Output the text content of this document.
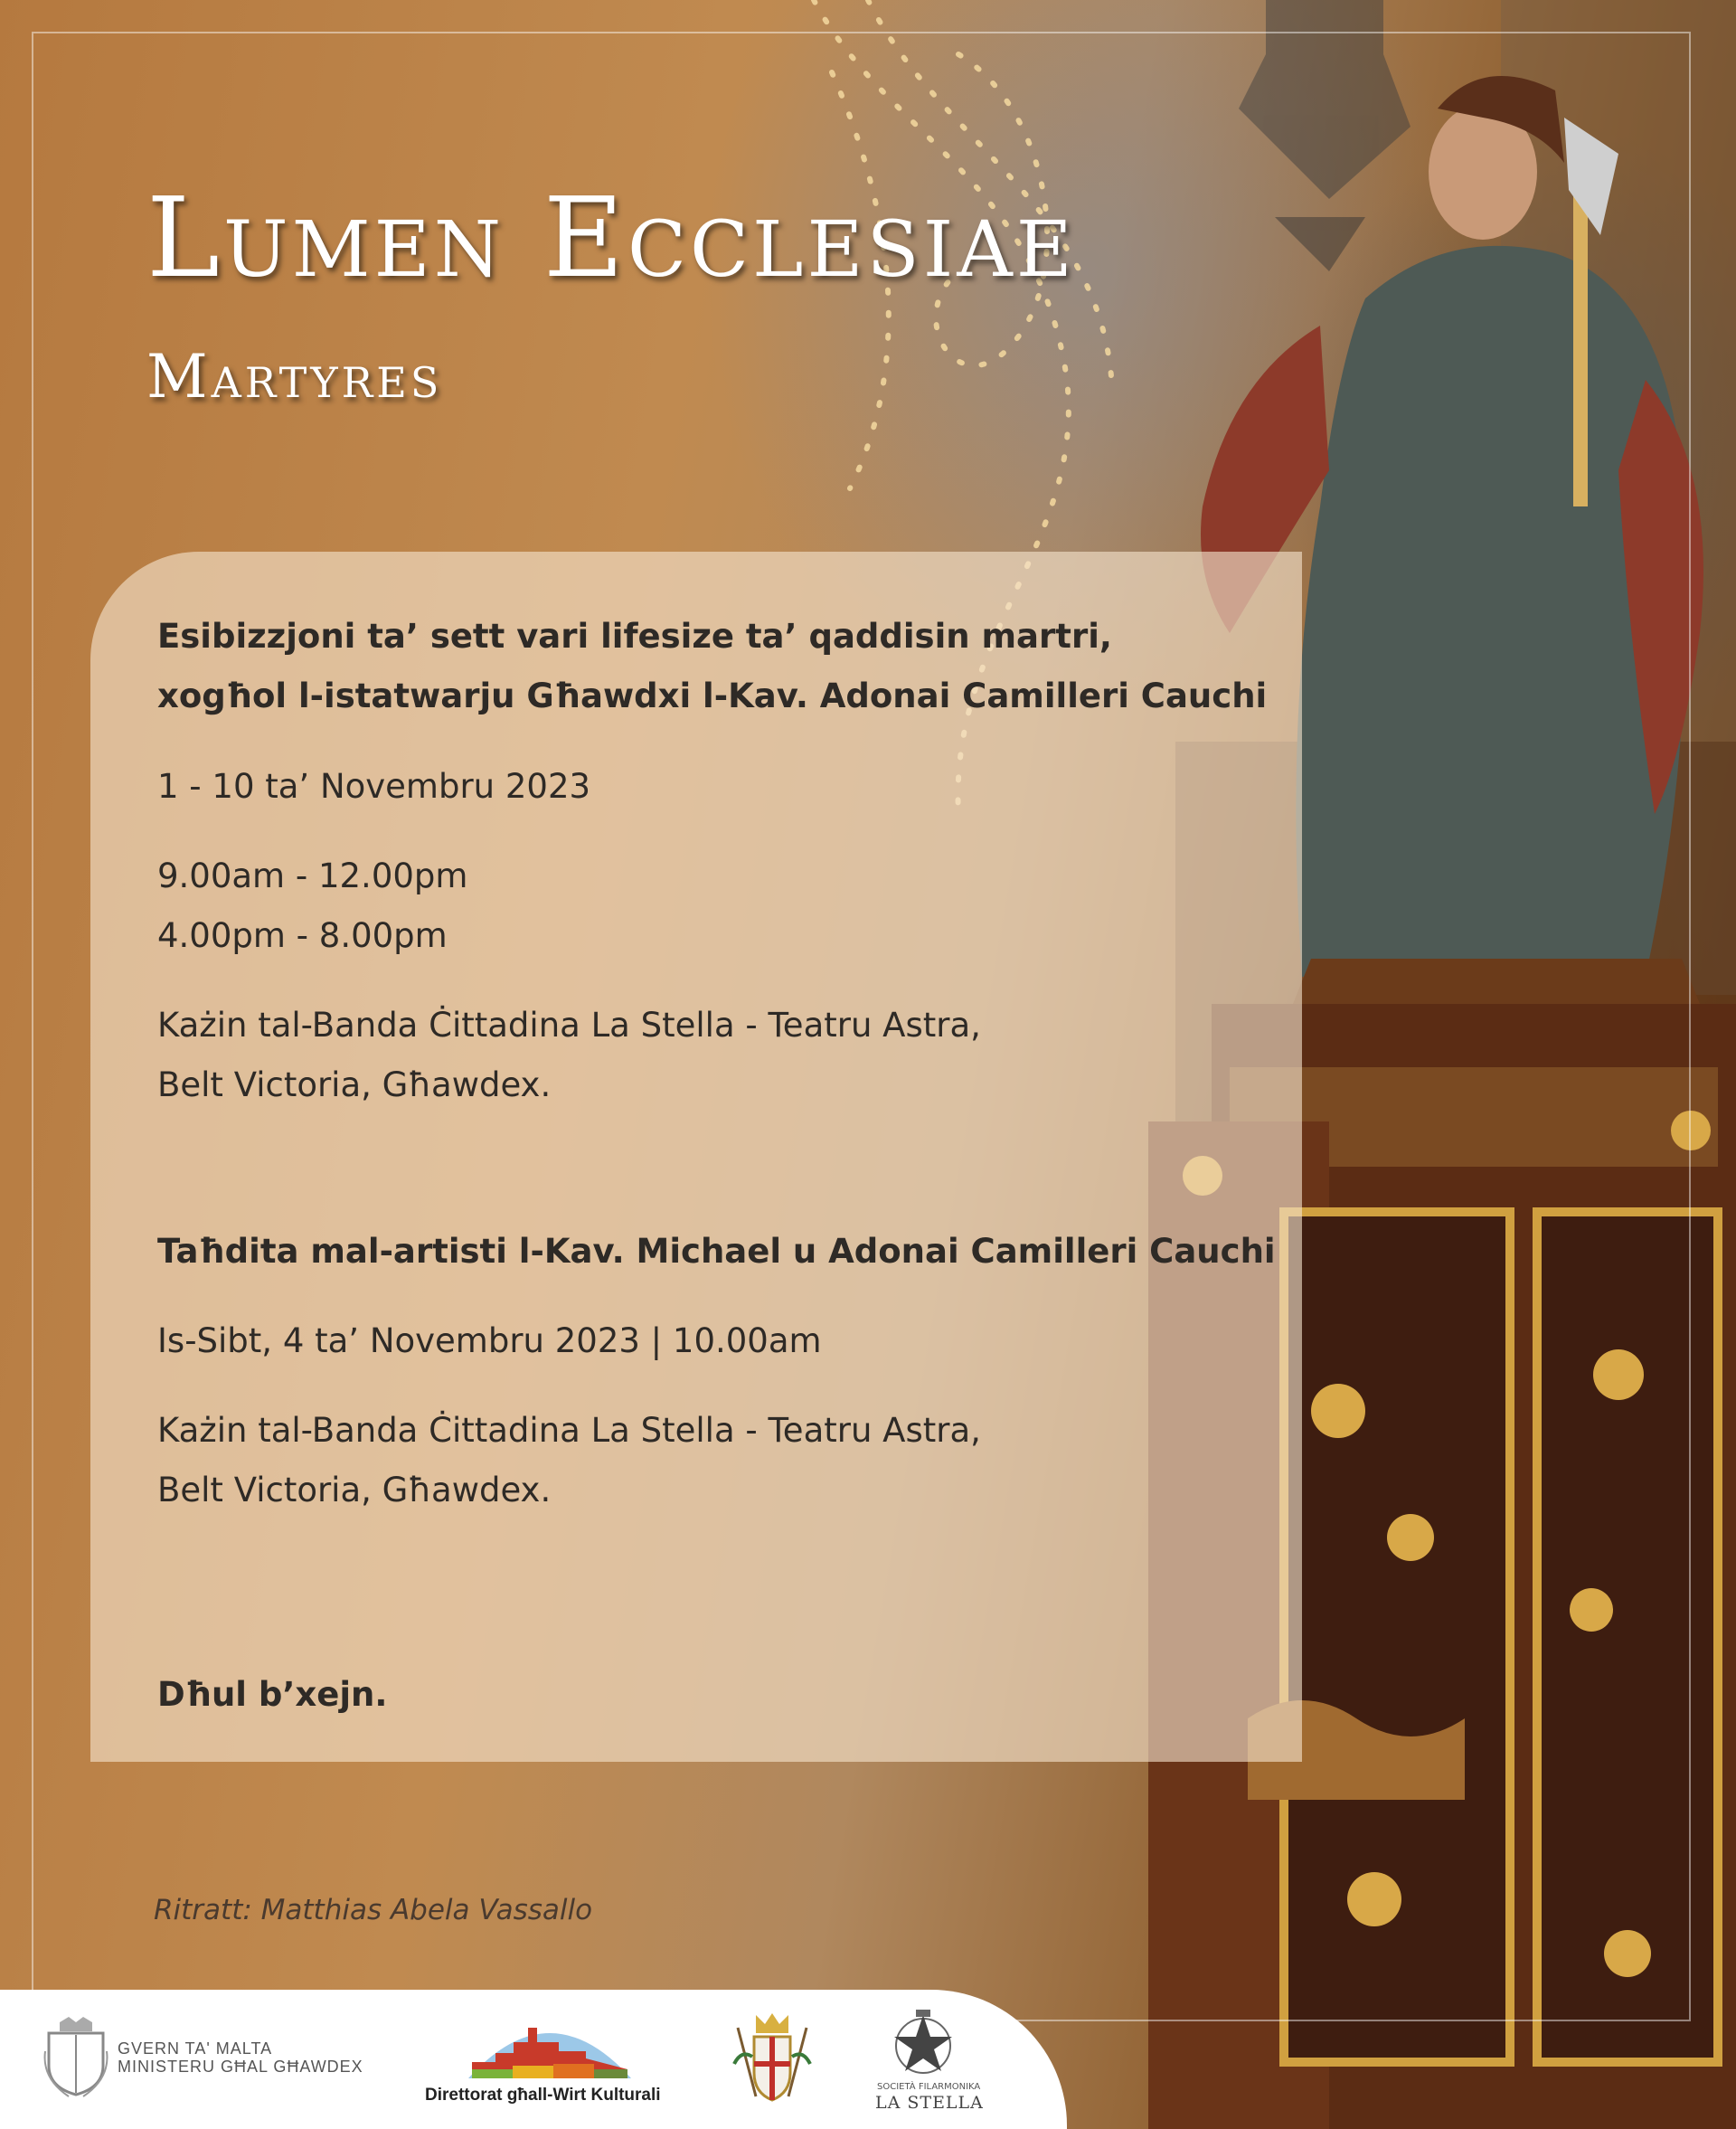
Lumen Ecclesiae
Martyres
Esibizzjoni ta’ sett vari lifesize ta’ qaddisin martri,
xogħol l-istatwarju Għawdxi l-Kav. Adonai Camilleri Cauchi
1 - 10 ta’ Novembru 2023
9.00am - 12.00pm
4.00pm - 8.00pm
Każin tal-Banda Ċittadina La Stella - Teatru Astra,
Belt Victoria, Għawdex.
Taħdita mal-artisti l-Kav. Michael u Adonai Camilleri Cauchi
Is-Sibt, 4 ta’ Novembru 2023 | 10.00am
Każin tal-Banda Ċittadina La Stella - Teatru Astra,
Belt Victoria, Għawdex.
Dħul b’xejn.
Ritratt: Matthias Abela Vassallo
GVERN TA' MALTA
MINISTERU GĦAL GĦAWDEX
Direttorat għall-Wirt Kulturali	SOCIETÀ FILARMONIKA
LA STELLA
